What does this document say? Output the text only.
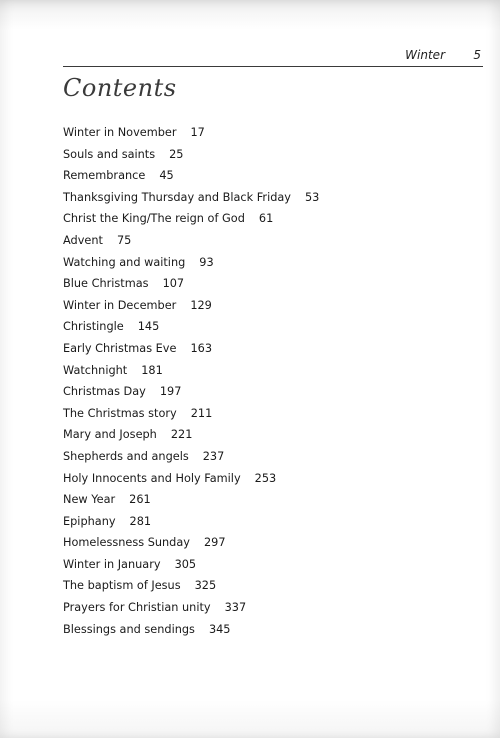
Winter 5
Contents
Winter in November 17
Souls and saints 25
Remembrance 45
Thanksgiving Thursday and Black Friday 53
Christ the King/The reign of God 61
Advent 75
Watching and waiting 93
Blue Christmas 107
Winter in December 129
Christingle 145
Early Christmas Eve 163
Watchnight 181
Christmas Day 197
The Christmas story 211
Mary and Joseph 221
Shepherds and angels 237
Holy Innocents and Holy Family 253
New Year 261
Epiphany 281
Homelessness Sunday 297
Winter in January 305
The baptism of Jesus 325
Prayers for Christian unity 337
Blessings and sendings 345
